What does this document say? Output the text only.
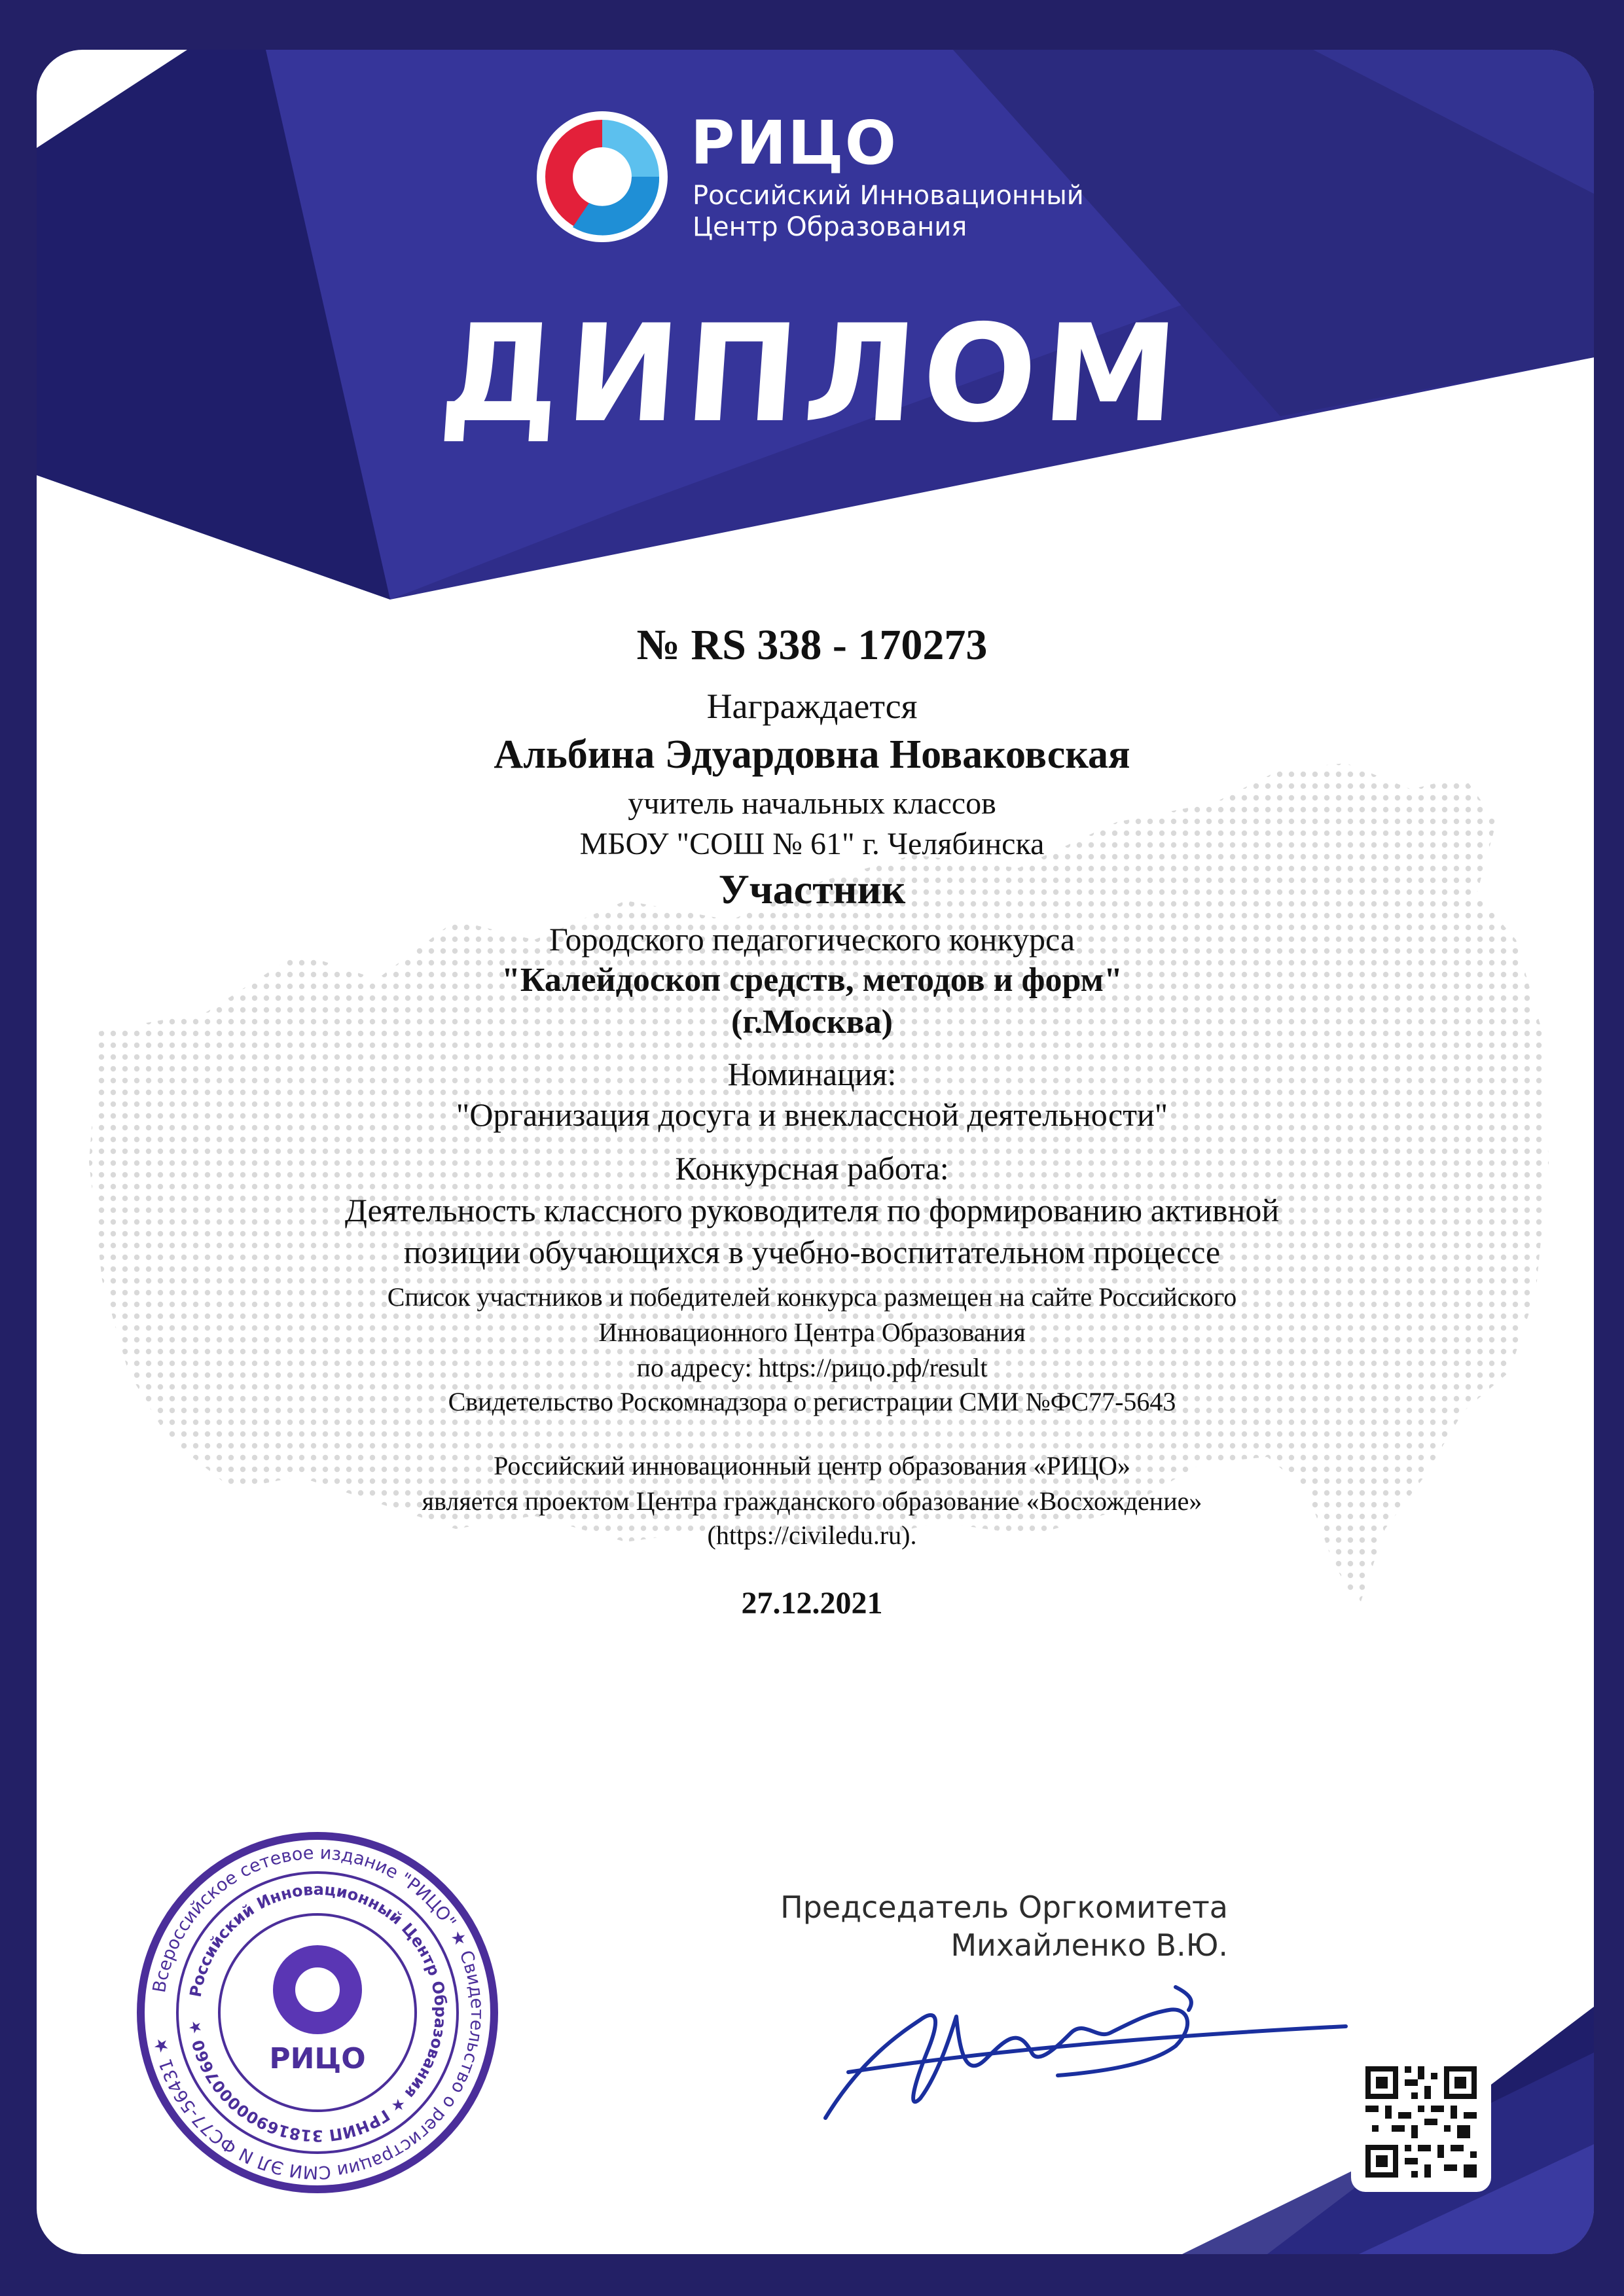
РИЦО
Российский Инновационный
Центр Образования
ДИПЛОМ
№ RS 338 - 170273
Награждается
Альбина Эдуардовна Новаковская
учитель начальных классов
МБОУ "СОШ № 61" г. Челябинска
Участник
Городского педагогического конкурса
"Калейдоскоп средств, методов и форм"
(г.Москва)
Номинация:
"Организация досуга и внеклассной деятельности"
Конкурсная работа:
Деятельность классного руководителя по формированию активной
позиции обучающихся в учебно-воспитательном процессе
Список участников и победителей конкурса размещен на сайте Российского
Инновационного Центра Образования
по адресу: https://рицо.рф/result
Свидетельство Роскомнадзора о регистрации СМИ №ФС77-5643
Российский инновационный центр образования «РИЦО»
является проектом Центра гражданского образование «Восхождение»
(https://civiledu.ru).
27.12.2021
Председатель Оргкомитета
Михайленко В.Ю.
Всероссийское сетевое издание "РИЦО" ★ Свидетельство о регистрации СМИ ЭЛ N ФС77-56431 ★
Российский Инновационный Центр Образования ★ ГРНИП 318169000007660 ★
РИЦО
